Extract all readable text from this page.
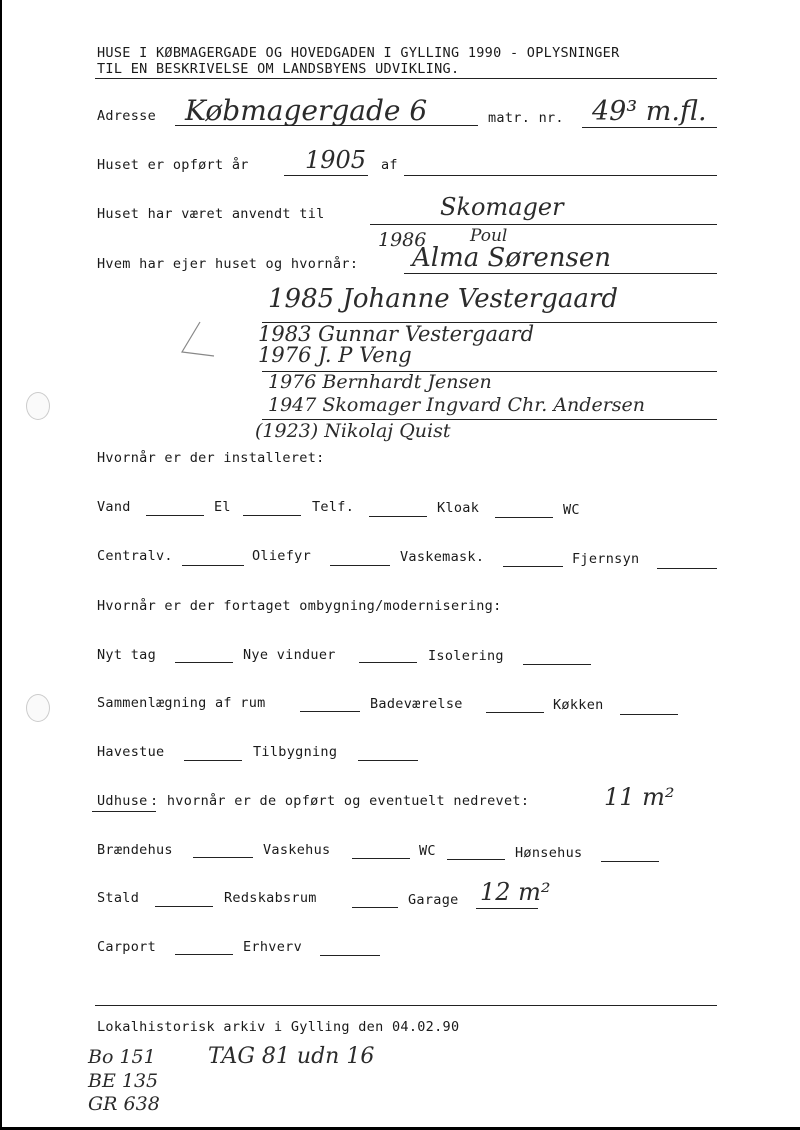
HUSE I KØBMAGERGADE OG HOVEDGADEN I GYLLING 1990 - OPLYSNINGER
TIL EN BESKRIVELSE OM LANDSBYENS UDVIKLING.
Adresse Købmagergade 6	matr. nr. 49³ m.fl.
Huset er opført år 1905 af
Huset har været anvendt til	Skomager
1986	Poul
Hvem har ejer huset og hvornår: Alma Sørensen
1985 Johanne Vestergaard
1983 Gunnar Vestergaard
1976 J. P Veng
1976 Bernhardt Jensen
1947 Skomager Ingvard Chr. Andersen
(1923) Nikolaj Quist
Hvornår er der installeret:
Vand	El	Telf.	Kloak	WC
Centralv.	Oliefyr	Vaskemask.	Fjernsyn
Hvornår er der fortaget ombygning/modernisering:
Nyt tag	Nye vinduer	Isolering
Sammenlægning af rum	Badeværelse	Køkken
Havestue	Tilbygning
Udhuse : hvornår er de opført og eventuelt nedrevet:	11 m²
Brændehus	Vaskehus	WC	Hønsehus
Stald	Redskabsrum	Garage 12 m²
Carport	Erhverv
Lokalhistorisk arkiv i Gylling den 04.02.90
Bo 151
BE 135
GR 638
TAG 81 udn 16
